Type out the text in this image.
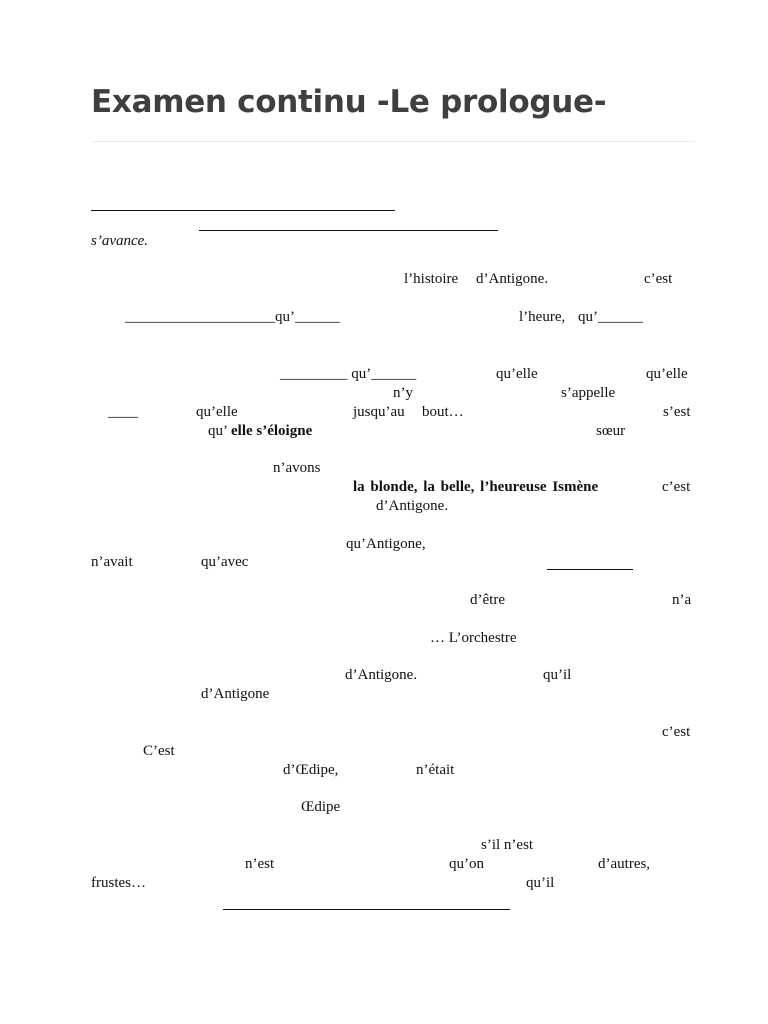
Examen continu -Le prologue-
s’avance.
l’histoire d’Antigone.	c’est
____________________qu’______	l’heure, qu’______
_________ qu’______	qu’elle	qu’elle
n’y	s’appelle
____	qu’elle	jusqu’au bout…	s’est
qu’ elle s’éloigne	sœur
n’avons
la blonde, la belle, l’heureuse Ismène	c’est
d’Antigone.
qu’Antigone,
n’avait	qu’avec
d’être	n’a
… L’orchestre
d’Antigone.	qu’il
d’Antigone
c’est
C’est
d’Œdipe,	n’était
Œdipe
s’il n’est
n’est	qu’on	d’autres,
frustes…	qu’il
